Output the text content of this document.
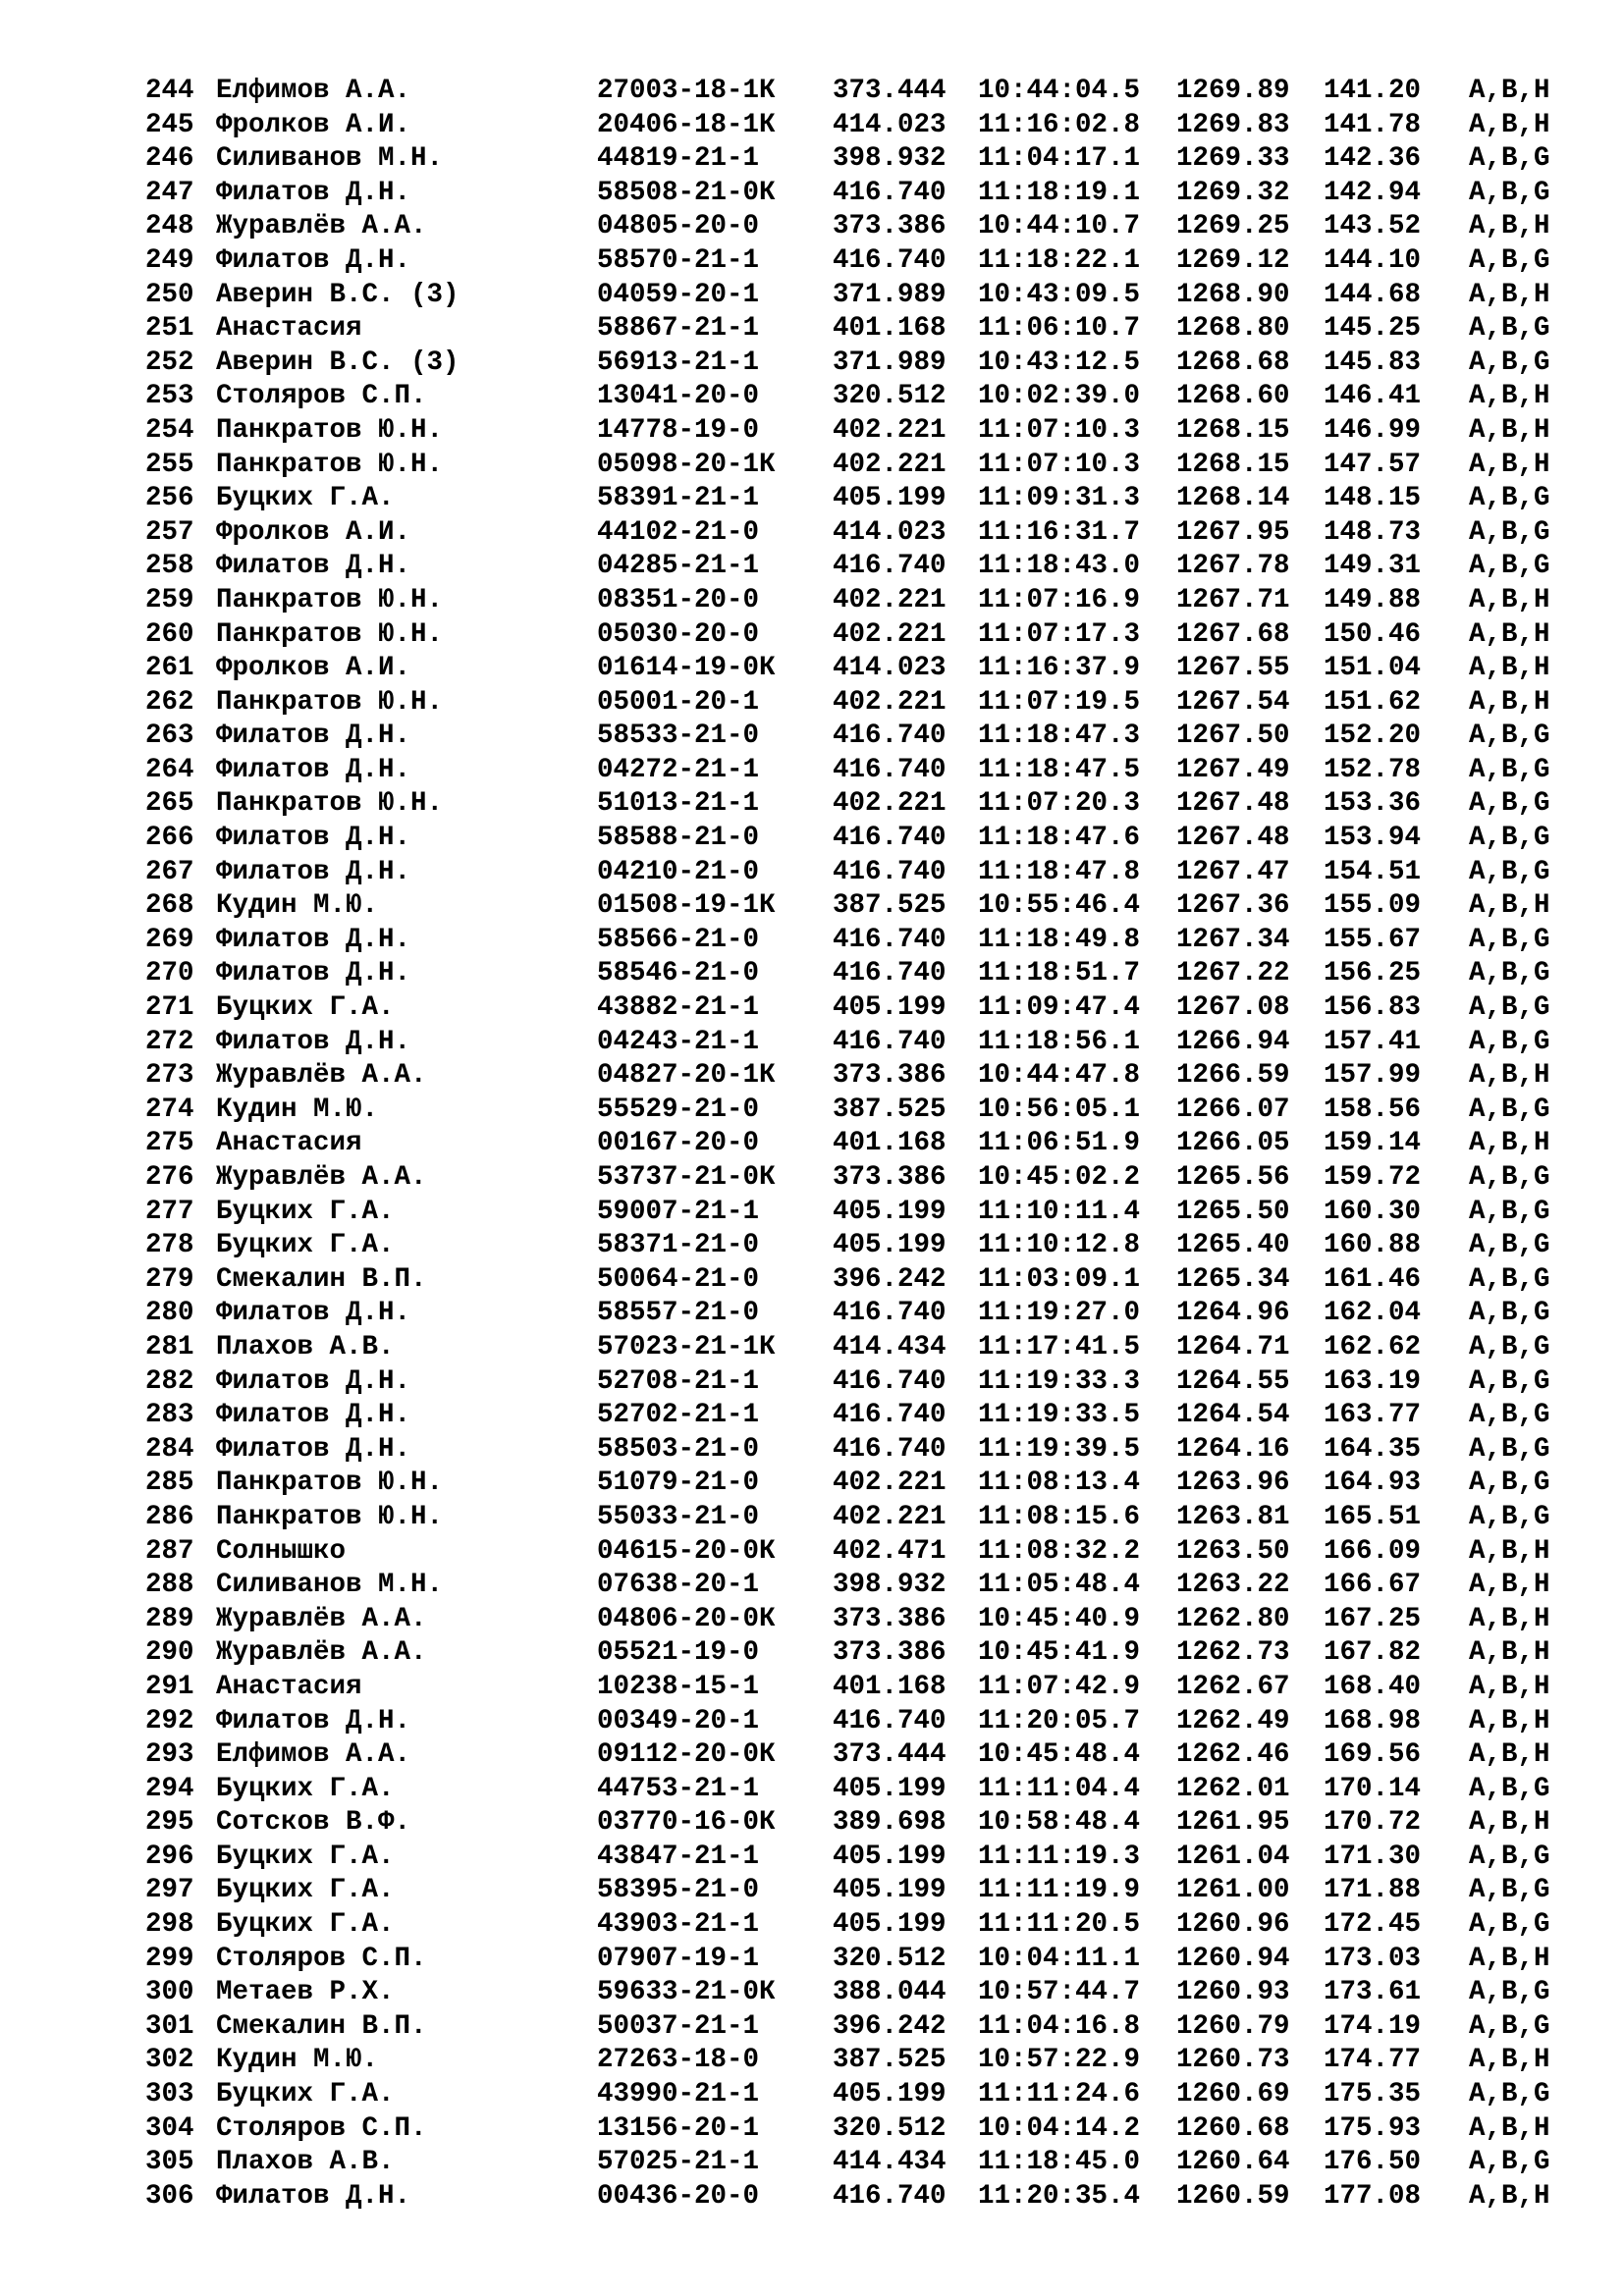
244 Елфимов А.А.	27003-18-1К 373.444 10:44:04.5 1269.89 141.20 A,B,H
245 Фролков А.И.	20406-18-1К 414.023 11:16:02.8 1269.83 141.78 A,B,H
246 Силиванов М.Н.	44819-21-1	398.932 11:04:17.1 1269.33 142.36 A,B,G
247 Филатов Д.Н.	58508-21-0К 416.740 11:18:19.1 1269.32 142.94 A,B,G
248 Журавлёв А.А.	04805-20-0	373.386 10:44:10.7 1269.25 143.52 A,B,H
249 Филатов Д.Н.	58570-21-1	416.740 11:18:22.1 1269.12 144.10 A,B,G
250 Аверин В.С. (3)	04059-20-1	371.989 10:43:09.5 1268.90 144.68 A,B,H
251 Анастасия	58867-21-1	401.168 11:06:10.7 1268.80 145.25 A,B,G
252 Аверин В.С. (3)	56913-21-1	371.989 10:43:12.5 1268.68 145.83 A,B,G
253 Столяров С.П.	13041-20-0	320.512 10:02:39.0 1268.60 146.41 A,B,H
254 Панкратов Ю.Н.	14778-19-0	402.221 11:07:10.3 1268.15 146.99 A,B,H
255 Панкратов Ю.Н.	05098-20-1К 402.221 11:07:10.3 1268.15 147.57 A,B,H
256 Буцких Г.А.	58391-21-1	405.199 11:09:31.3 1268.14 148.15 A,B,G
257 Фролков А.И.	44102-21-0	414.023 11:16:31.7 1267.95 148.73 A,B,G
258 Филатов Д.Н.	04285-21-1	416.740 11:18:43.0 1267.78 149.31 A,B,G
259 Панкратов Ю.Н.	08351-20-0	402.221 11:07:16.9 1267.71 149.88 A,B,H
260 Панкратов Ю.Н.	05030-20-0	402.221 11:07:17.3 1267.68 150.46 A,B,H
261 Фролков А.И.	01614-19-0К 414.023 11:16:37.9 1267.55 151.04 A,B,H
262 Панкратов Ю.Н.	05001-20-1	402.221 11:07:19.5 1267.54 151.62 A,B,H
263 Филатов Д.Н.	58533-21-0	416.740 11:18:47.3 1267.50 152.20 A,B,G
264 Филатов Д.Н.	04272-21-1	416.740 11:18:47.5 1267.49 152.78 A,B,G
265 Панкратов Ю.Н.	51013-21-1	402.221 11:07:20.3 1267.48 153.36 A,B,G
266 Филатов Д.Н.	58588-21-0	416.740 11:18:47.6 1267.48 153.94 A,B,G
267 Филатов Д.Н.	04210-21-0	416.740 11:18:47.8 1267.47 154.51 A,B,G
268 Кудин М.Ю.	01508-19-1К 387.525 10:55:46.4 1267.36 155.09 A,B,H
269 Филатов Д.Н.	58566-21-0	416.740 11:18:49.8 1267.34 155.67 A,B,G
270 Филатов Д.Н.	58546-21-0	416.740 11:18:51.7 1267.22 156.25 A,B,G
271 Буцких Г.А.	43882-21-1	405.199 11:09:47.4 1267.08 156.83 A,B,G
272 Филатов Д.Н.	04243-21-1	416.740 11:18:56.1 1266.94 157.41 A,B,G
273 Журавлёв А.А.	04827-20-1К 373.386 10:44:47.8 1266.59 157.99 A,B,H
274 Кудин М.Ю.	55529-21-0	387.525 10:56:05.1 1266.07 158.56 A,B,G
275 Анастасия	00167-20-0	401.168 11:06:51.9 1266.05 159.14 A,B,H
276 Журавлёв А.А.	53737-21-0К 373.386 10:45:02.2 1265.56 159.72 A,B,G
277 Буцких Г.А.	59007-21-1	405.199 11:10:11.4 1265.50 160.30 A,B,G
278 Буцких Г.А.	58371-21-0	405.199 11:10:12.8 1265.40 160.88 A,B,G
279 Смекалин В.П.	50064-21-0	396.242 11:03:09.1 1265.34 161.46 A,B,G
280 Филатов Д.Н.	58557-21-0	416.740 11:19:27.0 1264.96 162.04 A,B,G
281 Плахов А.В.	57023-21-1К 414.434 11:17:41.5 1264.71 162.62 A,B,G
282 Филатов Д.Н.	52708-21-1	416.740 11:19:33.3 1264.55 163.19 A,B,G
283 Филатов Д.Н.	52702-21-1	416.740 11:19:33.5 1264.54 163.77 A,B,G
284 Филатов Д.Н.	58503-21-0	416.740 11:19:39.5 1264.16 164.35 A,B,G
285 Панкратов Ю.Н.	51079-21-0	402.221 11:08:13.4 1263.96 164.93 A,B,G
286 Панкратов Ю.Н.	55033-21-0	402.221 11:08:15.6 1263.81 165.51 A,B,G
287 Солнышко	04615-20-0К 402.471 11:08:32.2 1263.50 166.09 A,B,H
288 Силиванов М.Н.	07638-20-1	398.932 11:05:48.4 1263.22 166.67 A,B,H
289 Журавлёв А.А.	04806-20-0К 373.386 10:45:40.9 1262.80 167.25 A,B,H
290 Журавлёв А.А.	05521-19-0	373.386 10:45:41.9 1262.73 167.82 A,B,H
291 Анастасия	10238-15-1	401.168 11:07:42.9 1262.67 168.40 A,B,H
292 Филатов Д.Н.	00349-20-1	416.740 11:20:05.7 1262.49 168.98 A,B,H
293 Елфимов А.А.	09112-20-0К 373.444 10:45:48.4 1262.46 169.56 A,B,H
294 Буцких Г.А.	44753-21-1	405.199 11:11:04.4 1262.01 170.14 A,B,G
295 Сотсков В.Ф.	03770-16-0К 389.698 10:58:48.4 1261.95 170.72 A,B,H
296 Буцких Г.А.	43847-21-1	405.199 11:11:19.3 1261.04 171.30 A,B,G
297 Буцких Г.А.	58395-21-0	405.199 11:11:19.9 1261.00 171.88 A,B,G
298 Буцких Г.А.	43903-21-1	405.199 11:11:20.5 1260.96 172.45 A,B,G
299 Столяров С.П.	07907-19-1	320.512 10:04:11.1 1260.94 173.03 A,B,H
300 Метаев Р.Х.	59633-21-0К 388.044 10:57:44.7 1260.93 173.61 A,B,G
301 Смекалин В.П.	50037-21-1	396.242 11:04:16.8 1260.79 174.19 A,B,G
302 Кудин М.Ю.	27263-18-0	387.525 10:57:22.9 1260.73 174.77 A,B,H
303 Буцких Г.А.	43990-21-1	405.199 11:11:24.6 1260.69 175.35 A,B,G
304 Столяров С.П.	13156-20-1	320.512 10:04:14.2 1260.68 175.93 A,B,H
305 Плахов А.В.	57025-21-1	414.434 11:18:45.0 1260.64 176.50 A,B,G
306 Филатов Д.Н.	00436-20-0	416.740 11:20:35.4 1260.59 177.08 A,B,H
